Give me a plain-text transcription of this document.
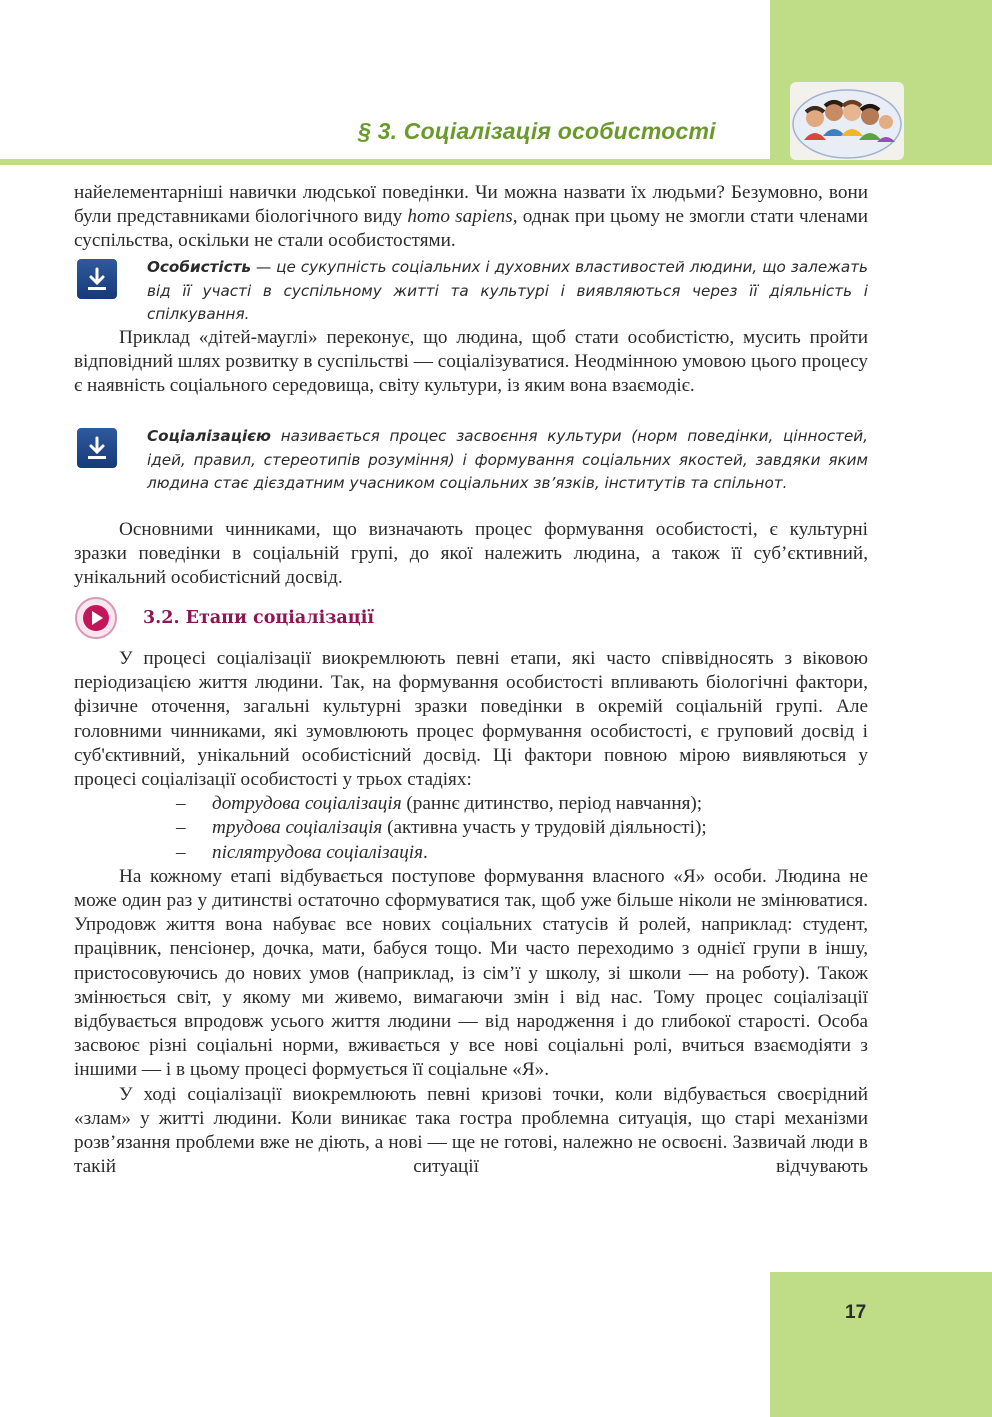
§ 3. Соціалізація особистості
17

найелементарніші навички людської поведінки. Чи можна назвати їх людьми? Безумовно, вони були представниками біологічного виду homo sapiens, однак при цьому не змогли стати членами суспільства, оскільки не стали особистостями.

Особистість — це сукупність соціальних і духовних властивостей людини, що залежать від її участі в суспільному житті та культурі і виявляються через її діяльність і спілкування.

Приклад «дітей-мауглі» переконує, що людина, щоб стати особистістю, мусить пройти відповідний шлях розвитку в суспільстві — соціалізуватися. Неодмінною умовою цього процесу є наявність соціального середовища, світу культури, із яким вона взаємодіє.

Соціалізацією називається процес засвоєння культури (норм поведінки, цінностей, ідей, правил, стереотипів розуміння) і формування соціальних якостей, завдяки яким людина стає дієздатним учасником соціальних зв’язків, інститутів та спільнот.

Основними чинниками, що визначають процес формування особистості, є культурні зразки поведінки в соціальній групі, до якої належить людина, а також її суб’єктивний, унікальний особистісний досвід.

3.2. Етапи соціалізації

У процесі соціалізації виокремлюють певні етапи, які часто співвідносять з віковою періодизацією життя людини. Так, на формування особистості впливають біологічні фактори, фізичне оточення, загальні культурні зразки поведінки в окремій соціальній групі. Але головними чинниками, які зумовлюють процес формування особистості, є груповий досвід і суб'єктивний, унікальний особистісний досвід. Ці фактори повною мірою виявляються у процесі соціалізації особистості у трьох стадіях:

– дотрудова соціалізація (раннє дитинство, період навчання);
– трудова соціалізація (активна участь у трудовій діяльності);
– післятрудова соціалізація.

На кожному етапі відбувається поступове формування власного «Я» особи. Людина не може один раз у дитинстві остаточно сформуватися так, щоб уже більше ніколи не змінюватися. Упродовж життя вона набуває все нових соціальних статусів й ролей, наприклад: студент, працівник, пенсіонер, дочка, мати, бабуся тощо. Ми часто переходимо з однієї групи в іншу, пристосовуючись до нових умов (наприклад, із сім’ї у школу, зі школи — на роботу). Також змінюється світ, у якому ми живемо, вимагаючи змін і від нас. Тому процес соціалізації відбувається впродовж усього життя людини — від народження і до глибокої старості. Особа засвоює різні соціальні норми, вживається у все нові соціальні ролі, вчиться взаємодіяти з іншими — і в цьому процесі формується її соціальне «Я».

У ході соціалізації виокремлюють певні кризові точки, коли відбувається своєрідний «злам» у житті людини. Коли виникає така гостра проблемна ситуація, що старі механізми розв’язання проблеми вже не діють, а нові — ще не готові, належно не освоєні. Зазвичай люди в такій ситуації відчувають
